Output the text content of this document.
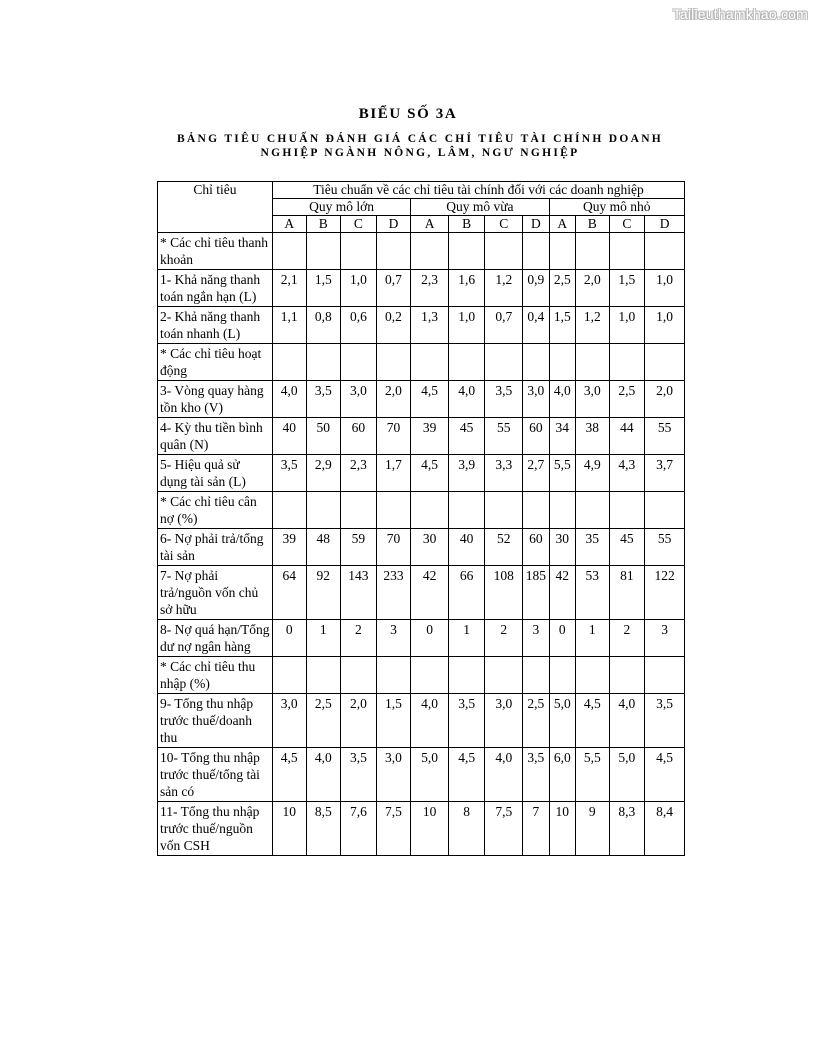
Tailieuthamkhao.com
BIỂU SỐ 3A
BẢNG TIÊU CHUẨN ĐÁNH GIÁ CÁC CHỈ TIÊU TÀI CHÍNH DOANH NGHIỆP NGÀNH NÔNG, LÂM, NGƯ NGHIỆP
Chỉ tiêu	Tiêu chuẩn về các chỉ tiêu tài chính đối với các doanh nghiệp											
	Quy mô lớn				Quy mô vừa				Quy mô nhỏ			
	A	B	C	D	A	B	C	D	A	B	C	D
* Các chỉ tiêu thanh khoản												
1- Khả năng thanh toán ngắn hạn (L)	2,1	1,5	1,0	0,7	2,3	1,6	1,2	0,9	2,5	2,0	1,5	1,0
2- Khả năng thanh toán nhanh (L)	1,1	0,8	0,6	0,2	1,3	1,0	0,7	0,4	1,5	1,2	1,0	1,0
* Các chỉ tiêu hoạt động												
3- Vòng quay hàng tồn kho (V)	4,0	3,5	3,0	2,0	4,5	4,0	3,5	3,0	4,0	3,0	2,5	2,0
4- Kỳ thu tiền bình quân (N)	40	50	60	70	39	45	55	60	34	38	44	55
5- Hiệu quả sử dụng tài sản (L)	3,5	2,9	2,3	1,7	4,5	3,9	3,3	2,7	5,5	4,9	4,3	3,7
* Các chỉ tiêu cân nợ (%)												
6- Nợ phải trả/tổng tài sản	39	48	59	70	30	40	52	60	30	35	45	55
7- Nợ phải trả/nguồn vốn chủ sở hữu	64	92	143	233	42	66	108	185	42	53	81	122
8- Nợ quá hạn/Tổng dư nợ ngân hàng	0	1	2	3	0	1	2	3	0	1	2	3
* Các chỉ tiêu thu nhập (%)												
9- Tổng thu nhập trước thuế/doanh thu	3,0	2,5	2,0	1,5	4,0	3,5	3,0	2,5	5,0	4,5	4,0	3,5
10- Tổng thu nhập trước thuế/tổng tài sản có	4,5	4,0	3,5	3,0	5,0	4,5	4,0	3,5	6,0	5,5	5,0	4,5
11- Tổng thu nhập trước thuế/nguồn vốn CSH	10	8,5	7,6	7,5	10	8	7,5	7	10	9	8,3	8,4
